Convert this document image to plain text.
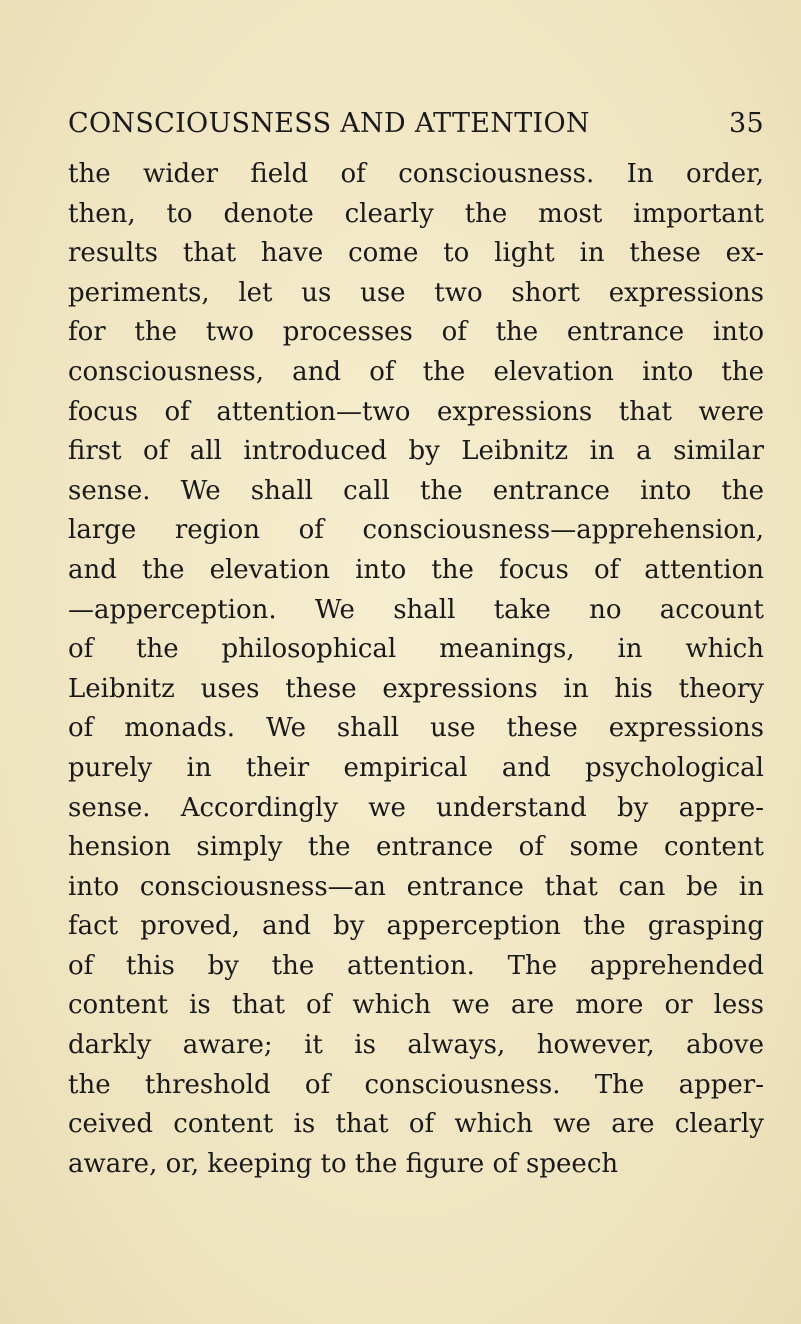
CONSCIOUSNESS AND ATTENTION	35
the wider field of consciousness. In order,
then, to denote clearly the most important
results that have come to light in these ex-
periments, let us use two short expressions
for the two processes of the entrance into
consciousness, and of the elevation into the
focus of attention—two expressions that were
first of all introduced by Leibnitz in a similar
sense. We shall call the entrance into the
large region of consciousness—apprehension,
and the elevation into the focus of attention
—apperception. We shall take no account
of the philosophical meanings, in which
Leibnitz uses these expressions in his theory
of monads. We shall use these expressions
purely in their empirical and psychological
sense. Accordingly we understand by appre-
hension simply the entrance of some content
into consciousness—an entrance that can be in
fact proved, and by apperception the grasping
of this by the attention. The apprehended
content is that of which we are more or less
darkly aware; it is always, however, above
the threshold of consciousness. The apper-
ceived content is that of which we are clearly
aware, or, keeping to the figure of speech
